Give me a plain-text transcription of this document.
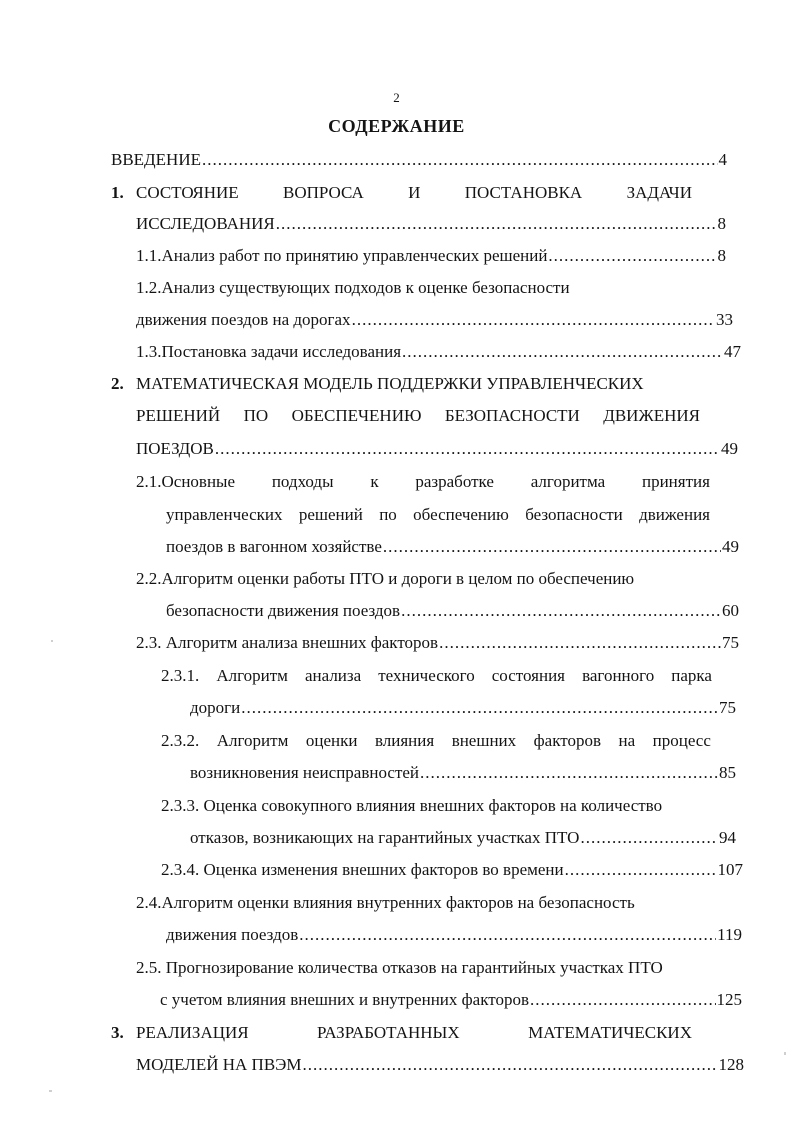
2
СОДЕРЖАНИЕ
ВВЕДЕНИЕ .....	4
1. СОСТОЯНИЕ	ВОПРОСА	И	ПОСТАНОВКА	ЗАДАЧИ
ИССЛЕДОВАНИЯ .....	8
1.1.Анализ работ по принятию управленческих решений .....	8
1.2.Анализ существующих подходов к оценке безопасности
движения поездов на дорогах .....	33
1.3.Постановка задачи исследования .....	47
2. МАТЕМАТИЧЕСКАЯ МОДЕЛЬ ПОДДЕРЖКИ УПРАВЛЕНЧЕСКИХ
РЕШЕНИЙ ПО ОБЕСПЕЧЕНИЮ БЕЗОПАСНОСТИ ДВИЖЕНИЯ
ПОЕЗДОВ .....	49
2.1.Основные подходы к разработке алгоритма принятия
управленческих решений по обеспечению безопасности движения
поездов в вагонном хозяйстве .....	49
2.2.Алгоритм оценки работы ПТО и дороги в целом по обеспечению
безопасности движения поездов .....	60
2.3. Алгоритм анализа внешних факторов .....	75
2.3.1. Алгоритм анализа технического состояния вагонного парка
дороги .....	75
2.3.2. Алгоритм оценки влияния внешних факторов на процесс
возникновения неисправностей .....	85
2.3.3. Оценка совокупного влияния внешних факторов на количество
отказов, возникающих на гарантийных участках ПТО .....	94
2.3.4. Оценка изменения внешних факторов во времени .....	107
2.4.Алгоритм оценки влияния внутренних факторов на безопасность
движения поездов .....	119
2.5. Прогнозирование количества отказов на гарантийных участках ПТО
с учетом влияния внешних и внутренних факторов .....	125
3. РЕАЛИЗАЦИЯ	РАЗРАБОТАННЫХ	МАТЕМАТИЧЕСКИХ
МОДЕЛЕЙ НА ПВЭМ .....	128
